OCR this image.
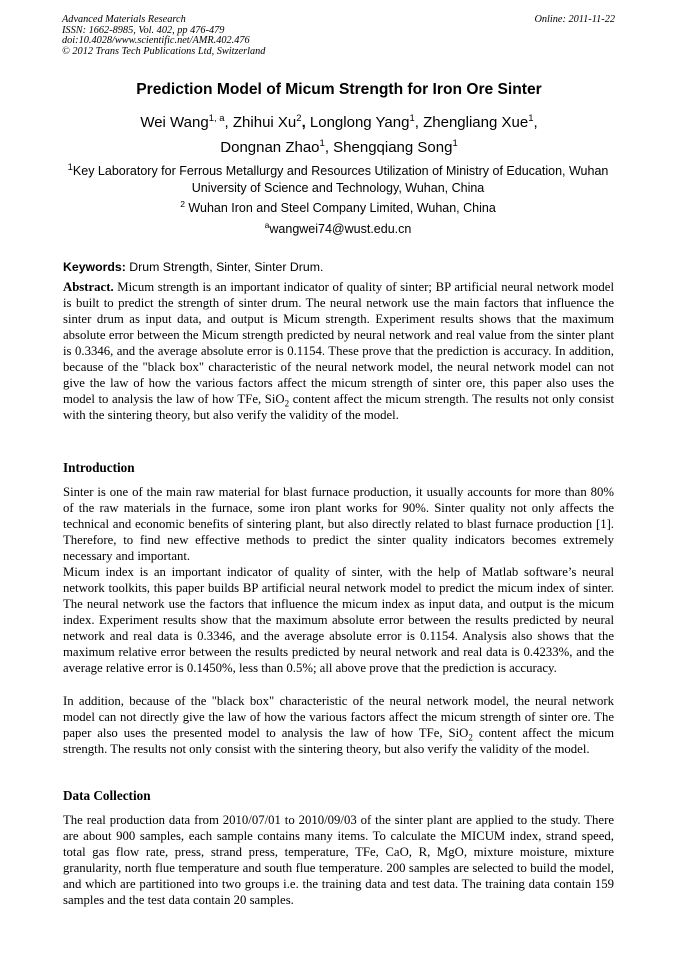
Advanced Materials Research
ISSN: 1662-8985, Vol. 402, pp 476-479
doi:10.4028/www.scientific.net/AMR.402.476
© 2012 Trans Tech Publications Ltd, Switzerland
Online: 2011-11-22
Prediction Model of Micum Strength for Iron Ore Sinter
Wei Wang$^{1, a}$, Zhihui Xu$^2$, Longlong Yang$^1$, Zhengliang Xue$^1$,
Dongnan Zhao$^1$, Shengqiang Song$^1$
$^1$Key Laboratory for Ferrous Metallurgy and Resources Utilization of Ministry of Education, Wuhan University of Science and Technology, Wuhan, China
$^2$ Wuhan Iron and Steel Company Limited, Wuhan, China
$^a$wangwei74@wust.edu.cn
Keywords: Drum Strength, Sinter, Sinter Drum.
Abstract. Micum strength is an important indicator of quality of sinter; BP artificial neural network model is built to predict the strength of sinter drum. The neural network use the main factors that influence the sinter drum as input data, and output is Micum strength. Experiment results shows that the maximum absolute error between the Micum strength predicted by neural network and real value from the sinter plant is 0.3346, and the average absolute error is 0.1154. These prove that the prediction is accuracy. In addition, because of the "black box" characteristic of the neural network model, the neural network model can not give the law of how the various factors affect the micum strength of sinter ore, this paper also uses the model to analysis the law of how TFe, SiO$_2$ content affect the micum strength. The results not only consist with the sintering theory, but also verify the validity of the model.
Introduction
Sinter is one of the main raw material for blast furnace production, it usually accounts for more than 80% of the raw materials in the furnace, some iron plant works for 90%. Sinter quality not only affects the technical and economic benefits of sintering plant, but also directly related to blast furnace production [1]. Therefore, to find new effective methods to predict the sinter quality indicators becomes extremely necessary and important.
Micum index is an important indicator of quality of sinter, with the help of Matlab software’s neural network toolkits, this paper builds BP artificial neural network model to predict the micum index of sinter. The neural network use the factors that influence the micum index as input data, and output is the micum index. Experiment results show that the maximum absolute error between the results predicted by neural network and real data is 0.3346, and the average absolute error is 0.1154. Analysis also shows that the maximum relative error between the results predicted by neural network and real data is 0.4233%, and the average relative error is 0.1450%, less than 0.5%; all above prove that the prediction is accuracy.
In addition, because of the "black box" characteristic of the neural network model, the neural network model can not directly give the law of how the various factors affect the micum strength of sinter ore. The paper also uses the presented model to analysis the law of how TFe, SiO$_2$ content affect the micum strength. The results not only consist with the sintering theory, but also verify the validity of the model.
Data Collection
The real production data from 2010/07/01 to 2010/09/03 of the sinter plant are applied to the study. There are about 900 samples, each sample contains many items. To calculate the MICUM index, strand speed, total gas flow rate, press, strand press, temperature, TFe, CaO, R, MgO, mixture moisture, mixture granularity, north flue temperature and south flue temperature. 200 samples are selected to build the model, and which are partitioned into two groups i.e. the training data and test data. The training data contain 159 samples and the test data contain 20 samples.
